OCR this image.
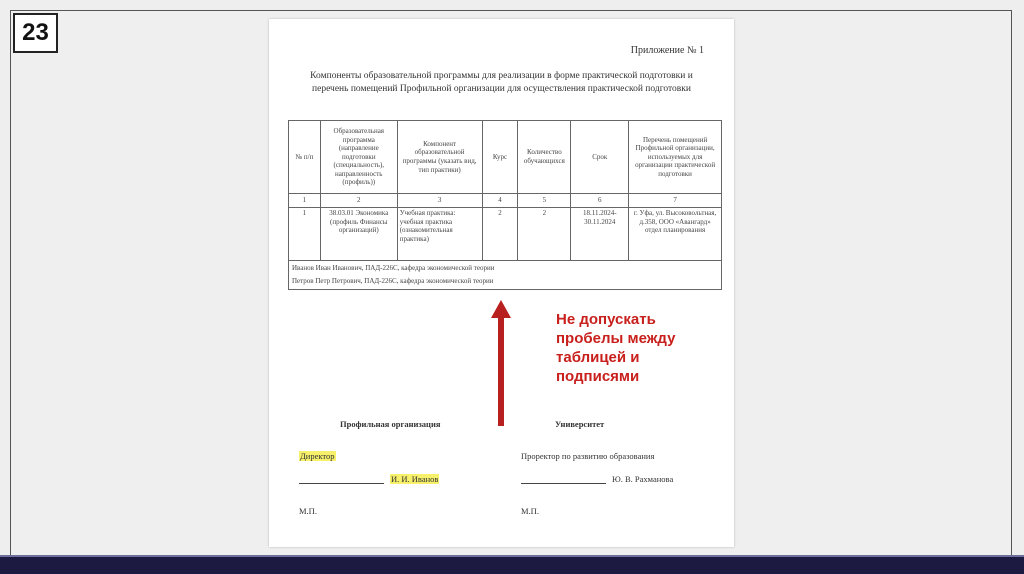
23
Приложение № 1
Компоненты образовательной программы для реализации в форме практической подготовки и перечень помещений Профильной организации для осуществления практической подготовки
№ п/п	Образовательная программа (направление подготовки (специальность), направленность (профиль))	Компонент образовательной программы (указать вид, тип практики)	Курс	Количество обучающихся	Срок	Перечень помещений Профильной организации, используемых для организации практической подготовки
1	2	3	4	5	6	7
1	38.03.01 Экономика (профиль Финансы организаций)	Учебная практика: учебная практика (ознакомительная практика)	2	2	18.11.2024-30.11.2024	г. Уфа, ул. Высоковольтная, д.358, ООО «Авангард» отдел планирования

Иванов Иван Иванович, ПАД-226С, кафедра экономической теории
Петров Петр Петрович, ПАД-226С, кафедра экономической теории						
Профильная организация
Директор
И. И. Иванов
М.П.
Университет
Проректор по развитию образования
Ю. В. Рахманова
М.П.
Не допускать пробелы между таблицей и подписями
